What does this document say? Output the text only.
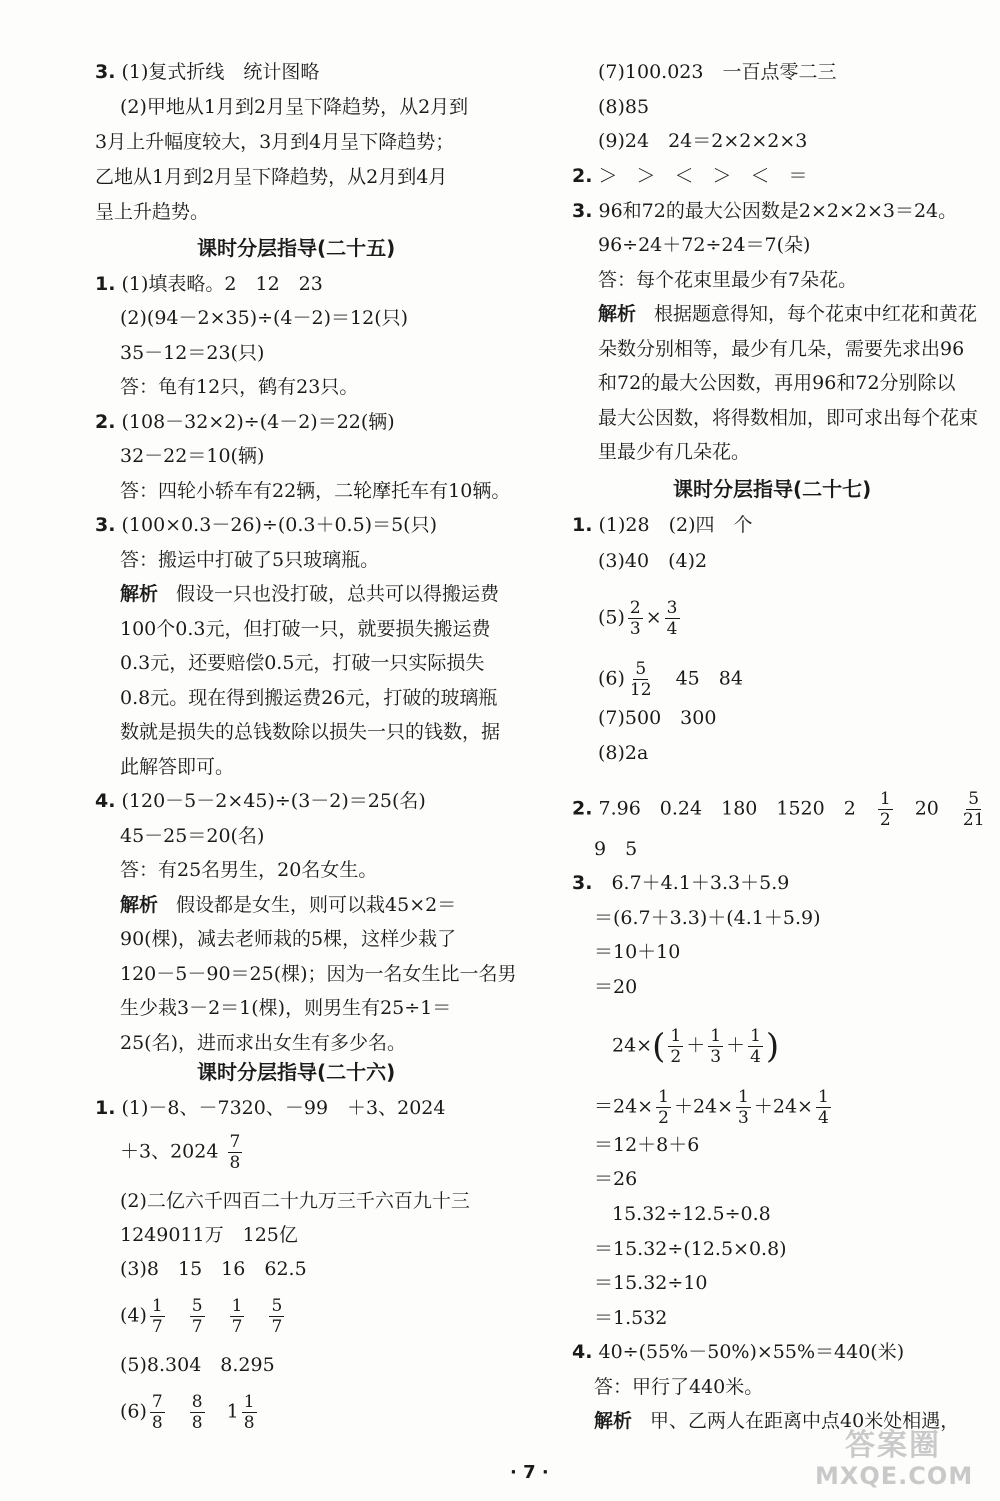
3. (1)复式折线　统计图略
(2)甲地从1月到2月呈下降趋势，从2月到
3月上升幅度较大，3月到4月呈下降趋势；
乙地从1月到2月呈下降趋势，从2月到4月
呈上升趋势。
课时分层指导(二十五)
1. (1)填表略。2　12　23
(2)(94－2×35)÷(4－2)＝12(只)
35－12＝23(只)
答：龟有12只，鹤有23只。
2. (108－32×2)÷(4－2)＝22(辆)
32－22＝10(辆)
答：四轮小轿车有22辆，二轮摩托车有10辆。
3. (100×0.3－26)÷(0.3＋0.5)＝5(只)
答：搬运中打破了5只玻璃瓶。
解析 假设一只也没打破，总共可以得搬运费
100个0.3元，但打破一只，就要损失搬运费
0.3元，还要赔偿0.5元，打破一只实际损失
0.8元。现在得到搬运费26元，打破的玻璃瓶
数就是损失的总钱数除以损失一只的钱数，据
此解答即可。
4. (120－5－2×45)÷(3－2)＝25(名)
45－25＝20(名)
答：有25名男生，20名女生。
解析 假设都是女生，则可以栽45×2＝
90(棵)，减去老师栽的5棵，这样少栽了
120－5－90＝25(棵)；因为一名女生比一名男
生少栽3－2＝1(棵)，则男生有25÷1＝
25(名)，进而求出女生有多少名。
课时分层指导(二十六)
1. (1)－8、－7320、－99　＋3、2024
＋3、$2024 \frac{7}{8}$
(2)二亿六千四百二十九万三千六百九十三
1249011万　125亿
(3)8　15　16　62.5
$(4) \frac{1}{7}$
　 $\frac{5}{7}$
　 $\frac{1}{7}$
　 $\frac{5}{7}$
(5)8.304　8.295
$(6) \frac{7}{8}$
　 $\frac{8}{8}$
　 $1 \frac{1}{8}$
(7)100.023　一百点零二三
(8)85
(9)24　24＝2×2×2×3
2. ＞　＞　＜　＞　＜　＝
3. 96和72的最大公因数是2×2×2×3＝24。
96÷24＋72÷24＝7(朵)
答：每个花束里最少有7朵花。
解析 根据题意得知，每个花束中红花和黄花
朵数分别相等，最少有几朵，需要先求出96
和72的最大公因数，再用96和72分别除以
最大公因数，将得数相加，即可求出每个花束
里最少有几朵花。
课时分层指导(二十七)
1. (1)28　(2)四　个
(3)40　(4)2
$(5) \frac{2}{3} \times \frac{3}{4}$
$(6) \frac{5}{12}$
　 45　84
(7)500　300
(8)2a
2. 7.96　0.24　180　1520　2　 $\frac{1}{2}$
　 20　 $\frac{5}{21}$
9　5
3.　 6.7＋4.1＋3.3＋5.9
＝(6.7＋3.3)＋(4.1＋5.9)
＝10＋10
＝20
$24\times( \frac{1}{2} + \frac{1}{3} + \frac{1}{4}$ )
$=24\times \frac{1}{2} +24\times \frac{1}{3} +24\times \frac{1}{4}$
＝12＋8＋6
＝26
15.32÷12.5÷0.8
＝15.32÷(12.5×0.8)
＝15.32÷10
＝1.532
4. 40÷(55%－50%)×55%＝440(米)
答：甲行了440米。
解析 甲、乙两人在距离中点40米处相遇，
· 7 ·
答案圈
MXQE.COM
